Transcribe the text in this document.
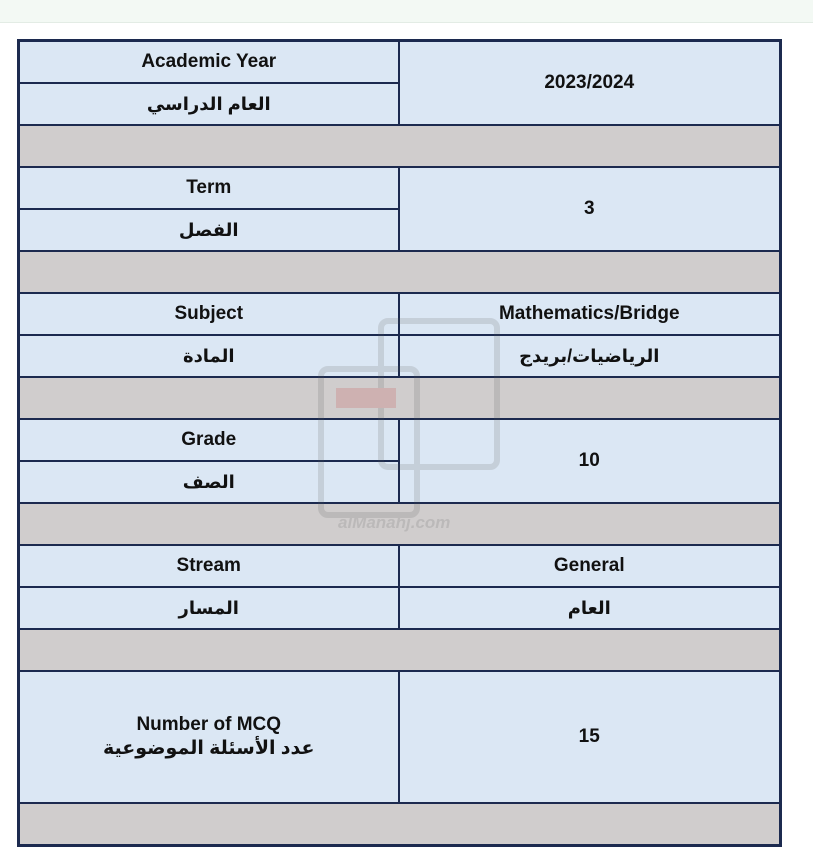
Academic Year	2023/2024
العام الدراسي	

Term	3
الفصل	

Subject	Mathematics/Bridge
المادة	الرياضيات/بريدج

Grade	10
الصف	

Stream	General
المسار	العام

Number of MCQ
عدد الأسئلة الموضوعية	15
